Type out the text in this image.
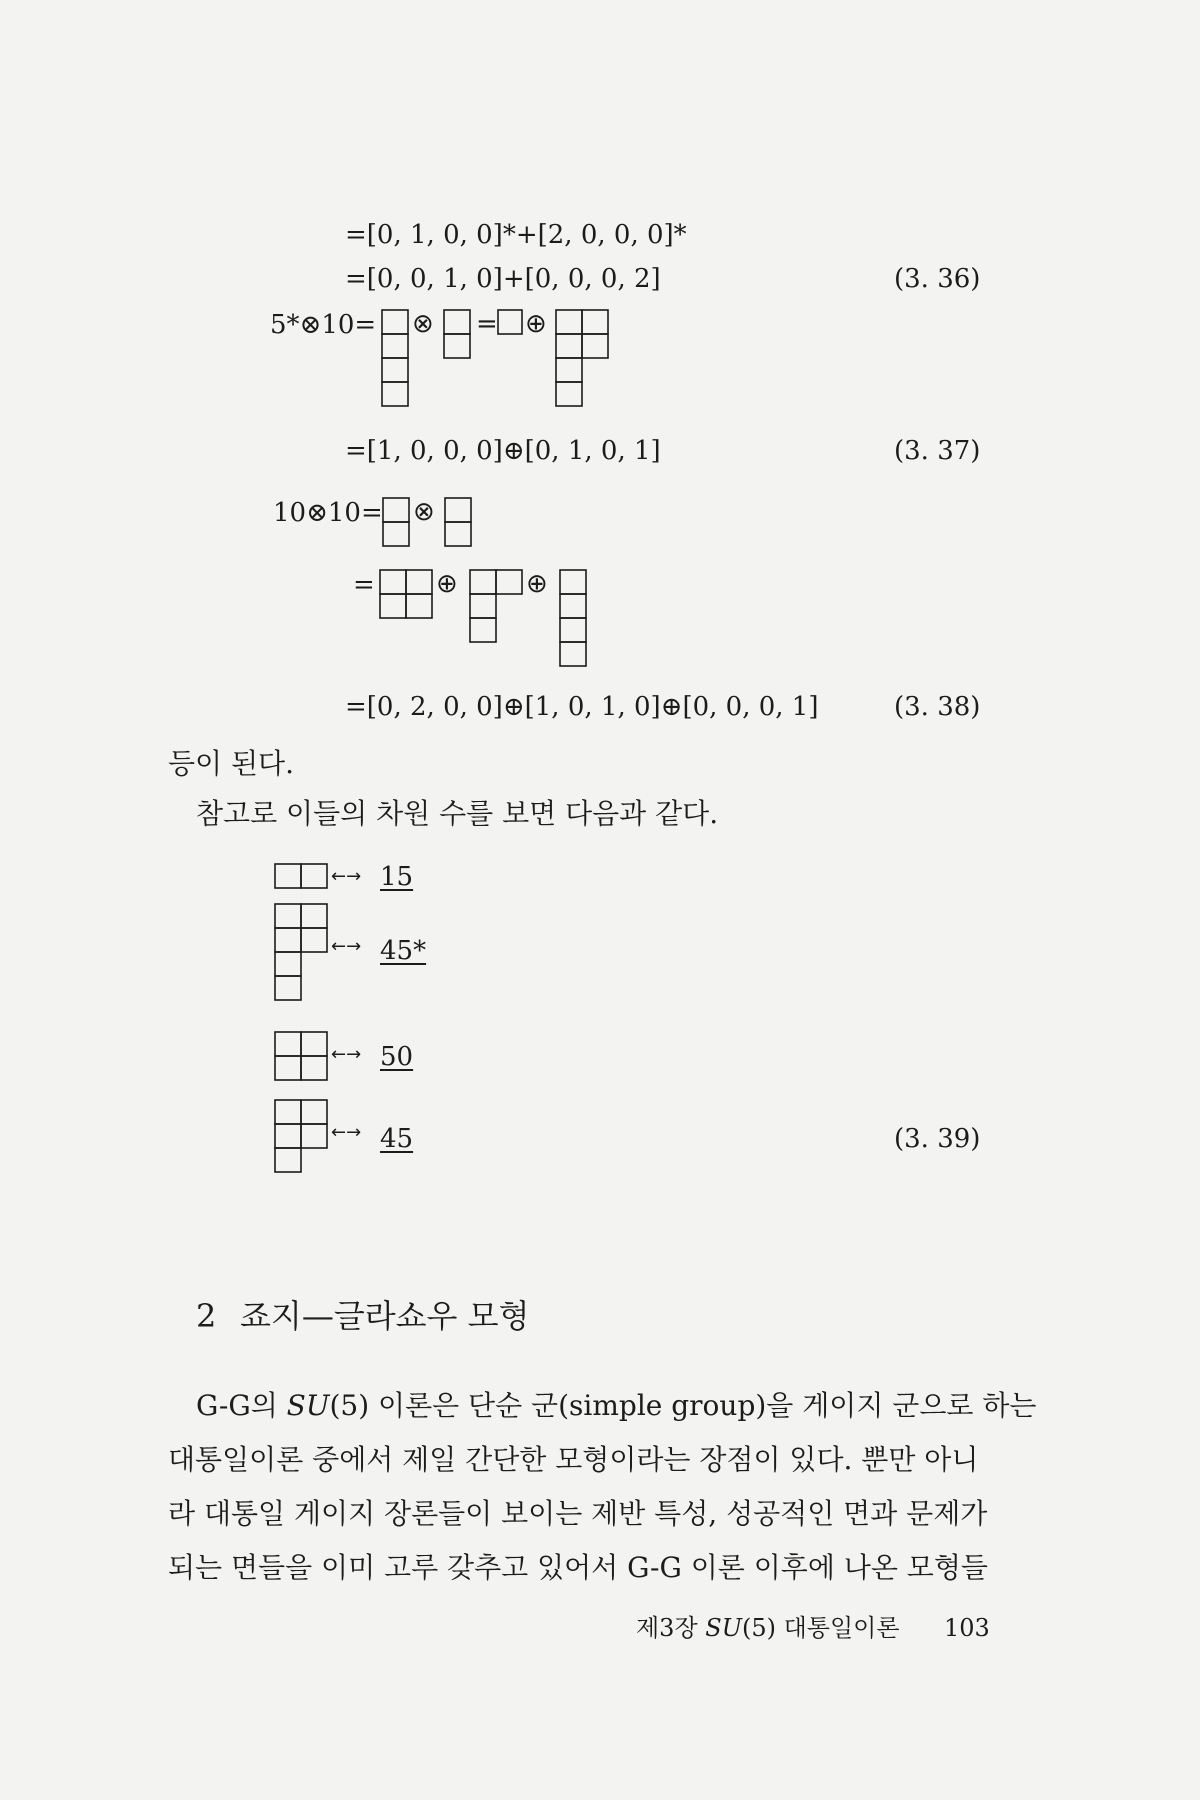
=[0, 1, 0, 0]*+[2, 0, 0, 0]*
=[0, 0, 1, 0]+[0, 0, 0, 2]	(3. 36)
5*⊗10= ⊗ = ⊕
=[1, 0, 0, 0]⊕[0, 1, 0, 1]	(3. 37)
10⊗10= ⊗
= ⊕	⊕
=[0, 2, 0, 0]⊕[1, 0, 1, 0]⊕[0, 0, 0, 1]	(3. 38)
등이 된다.
참고로 이들의 차원 수를 보면 다음과 같다.
←→ 15
←→ 45*
←→ 50
←→ 45	(3. 39)
2 죠지—글라쇼우 모형
G-G의 SU(5) 이론은 단순 군(simple group)을 게이지 군으로 하는
대통일이론 중에서 제일 간단한 모형이라는 장점이 있다. 뿐만 아니
라 대통일 게이지 장론들이 보이는 제반 특성, 성공적인 면과 문제가
되는 면들을 이미 고루 갖추고 있어서 G-G 이론 이후에 나온 모형들
제3장 SU(5) 대통일이론 103
